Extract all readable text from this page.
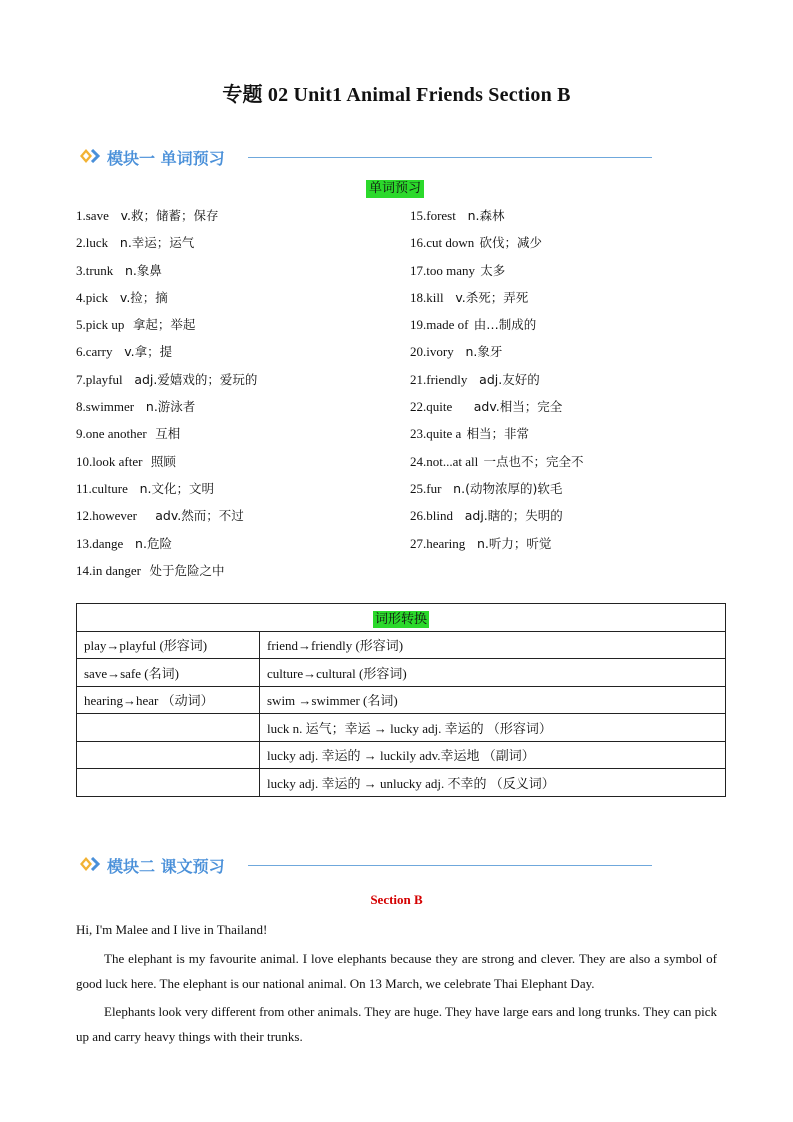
专题 02 Unit1 Animal Friends Section B
模块一 单词预习
单词预习
1.save v.救；储蓄；保存
2.luck n.幸运；运气
3.trunk n.象鼻
4.pick v.捡；摘
5.pick up 拿起；举起
6.carry v.拿；提
7.playful adj.爱嬉戏的；爱玩的
8.swimmer n.游泳者
9.one another 互相
10.look after 照顾
11.culture n.文化；文明
12.however adv.然而；不过
13.dange n.危险
14.in danger 处于危险之中
15.forest n.森林
16.cut down 砍伐；减少
17.too many 太多
18.kill v.杀死；弄死
19.made of 由…制成的
20.ivory n.象牙
21.friendly adj.友好的
22.quite adv.相当；完全
23.quite a 相当；非常
24.not...at all 一点也不；完全不
25.fur n.(动物浓厚的)软毛
26.blind adj.瞎的；失明的
27.hearing n.听力；听觉
词形转换	
play→playful (形容词)	friend→friendly (形容词)
save→safe (名词)	culture→cultural (形容词)
hearing→hear （动词）	swim →swimmer (名词)
	luck n. 运气；幸运 → lucky adj. 幸运的 （形容词）
	lucky adj. 幸运的 → luckily adv.幸运地 （副词）
	lucky adj. 幸运的 → unlucky adj. 不幸的 （反义词）
模块二 课文预习
Section B
Hi, I'm Malee and I live in Thailand!
The elephant is my favourite animal. I love elephants because they are strong and clever. They are also a symbol of good luck here. The elephant is our national animal. On 13 March, we celebrate Thai Elephant Day.
Elephants look very different from other animals. They are huge. They have large ears and long trunks. They can pick up and carry heavy things with their trunks.
